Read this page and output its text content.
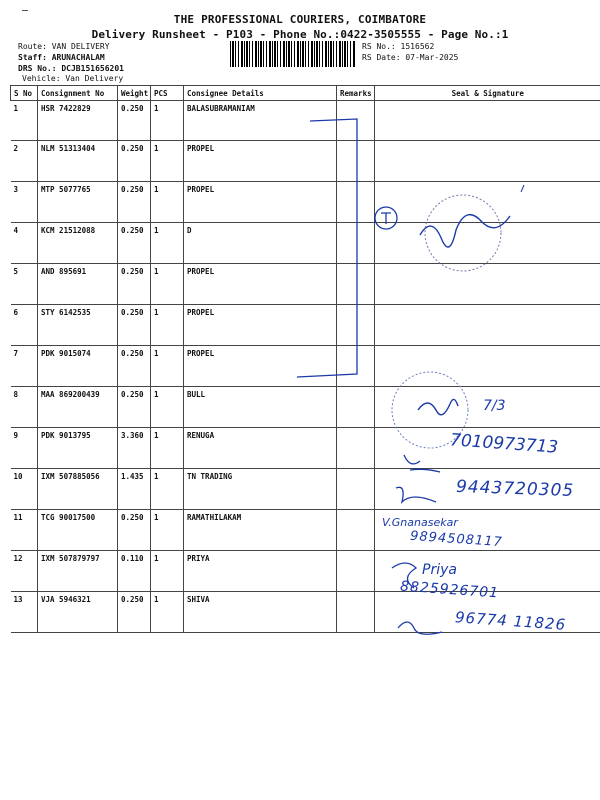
THE PROFESSIONAL COURIERS, COIMBATORE
Delivery Runsheet - P103 - Phone No.:0422-3505555 - Page No.:1
Route: VAN DELIVERY
Staff: ARUNACHALAM
DRS No.: DCJB151656201
Vehicle: Van Delivery
RS No.: 1516562
RS Date: 07-Mar-2025
S No	Consignment No	Weight	PCS	Consignee Details	Remarks	Seal & Signature
1	HSR 7422829	0.250	1	BALASUBRAMANIAM		
2	NLM 51313404	0.250	1	PROPEL		
3	MTP 5077765	0.250	1	PROPEL		
4	KCM 21512088	0.250	1	D		
5	AND 895691	0.250	1	PROPEL		
6	STY 6142535	0.250	1	PROPEL		
7	PDK 9015074	0.250	1	PROPEL		
8	MAA 869200439	0.250	1	BULL		
9	PDK 9013795	3.360	1	RENUGA		
10	IXM 507885056	1.435	1	TN TRADING		
11	TCG 90017500	0.250	1	RAMATHILAKAM		
12	IXM 507879797	0.110	1	PRIYA		
13	VJA 5946321	0.250	1	SHIVA		
7/3
7010973713
9443720305
V.Gnanasekar
9894508117
Priya
8825926701
96774 11826
